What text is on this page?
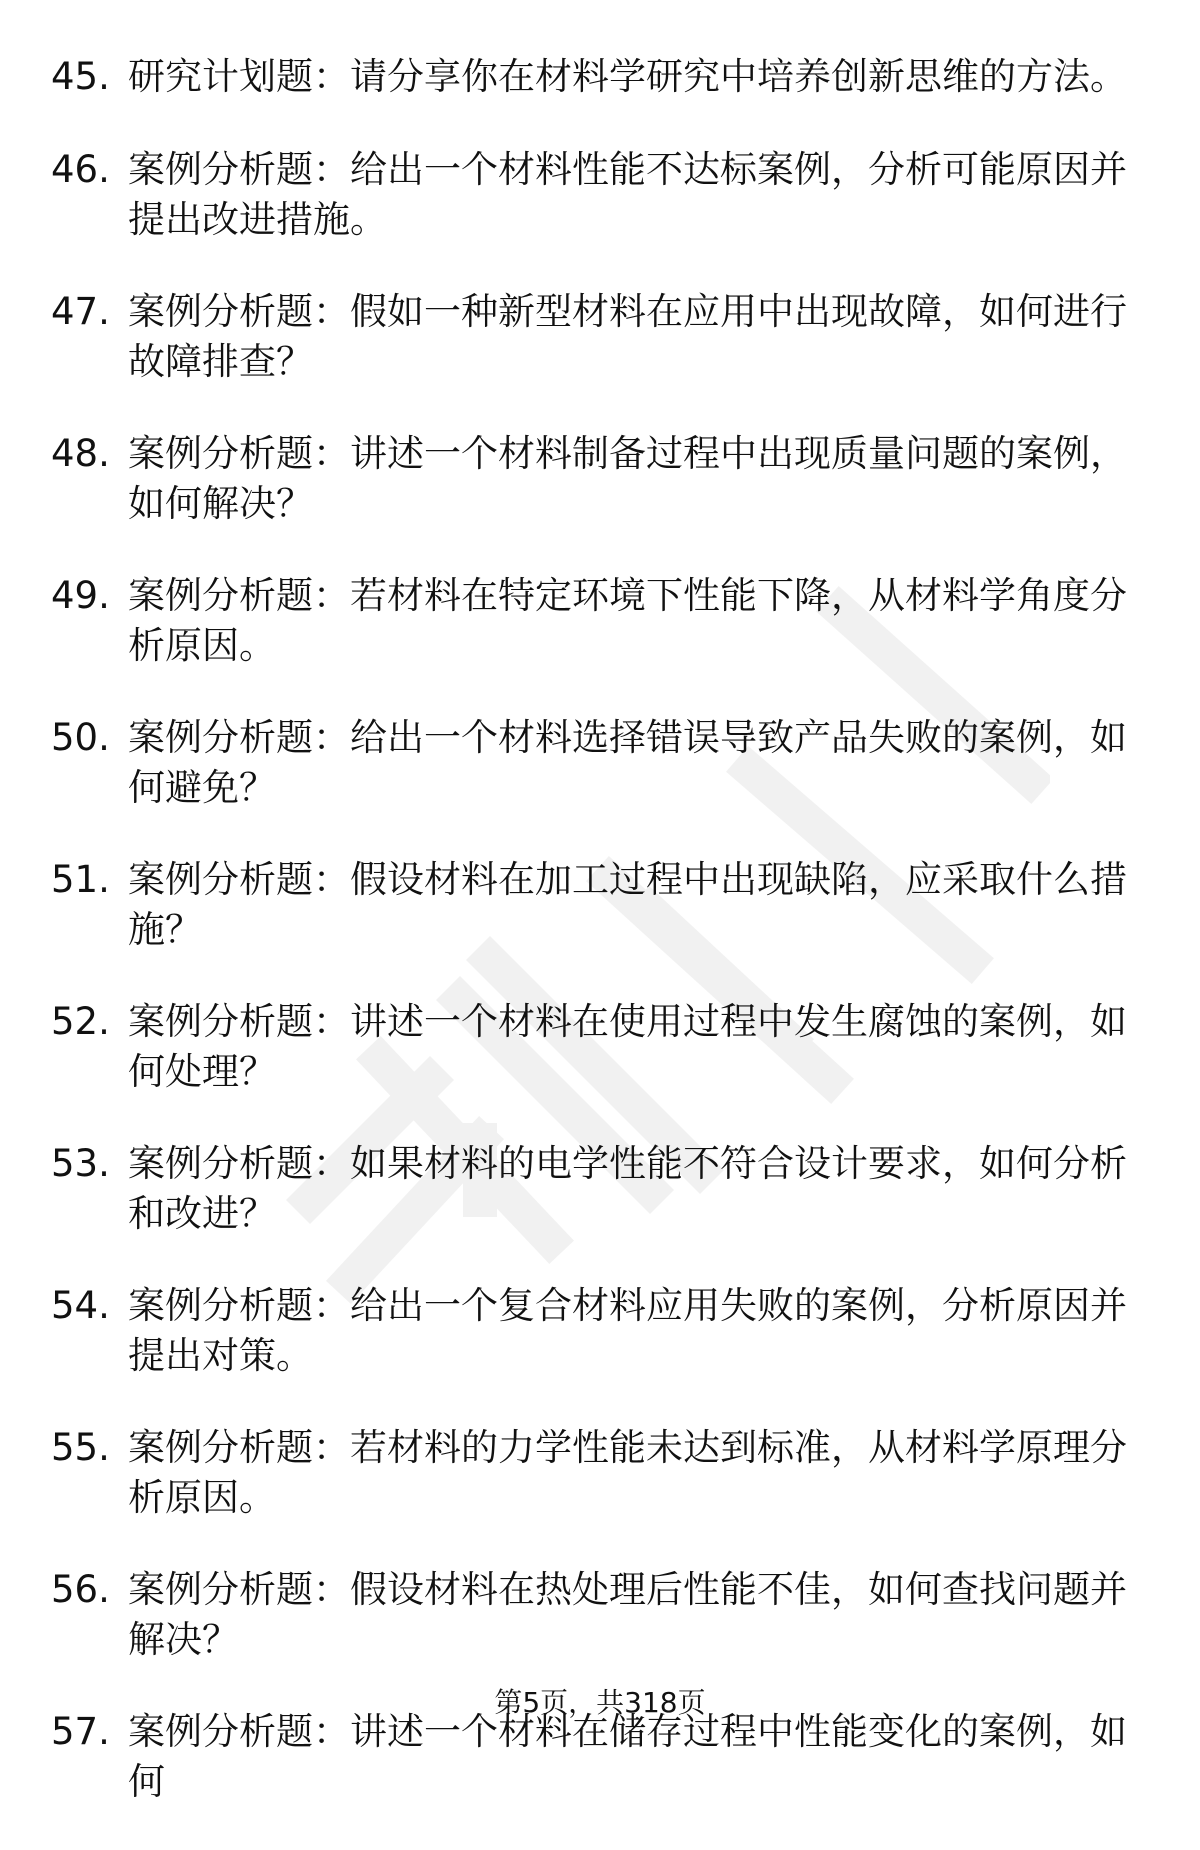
45. 研究计划题：请分享你在材料学研究中培养创新思维的方法。
46. 案例分析题：给出一个材料性能不达标案例，分析可能原因并提出改进措施。
47. 案例分析题：假如一种新型材料在应用中出现故障，如何进行故障排查？
48. 案例分析题：讲述一个材料制备过程中出现质量问题的案例，如何解决？
49. 案例分析题：若材料在特定环境下性能下降，从材料学角度分析原因。
50. 案例分析题：给出一个材料选择错误导致产品失败的案例，如何避免？
51. 案例分析题：假设材料在加工过程中出现缺陷，应采取什么措施？
52. 案例分析题：讲述一个材料在使用过程中发生腐蚀的案例，如何处理？
53. 案例分析题：如果材料的电学性能不符合设计要求，如何分析和改进？
54. 案例分析题：给出一个复合材料应用失败的案例，分析原因并提出对策。
55. 案例分析题：若材料的力学性能未达到标准，从材料学原理分析原因。
56. 案例分析题：假设材料在热处理后性能不佳，如何查找问题并解决？
57. 案例分析题：讲述一个材料在储存过程中性能变化的案例，如何
第5页，共318页
